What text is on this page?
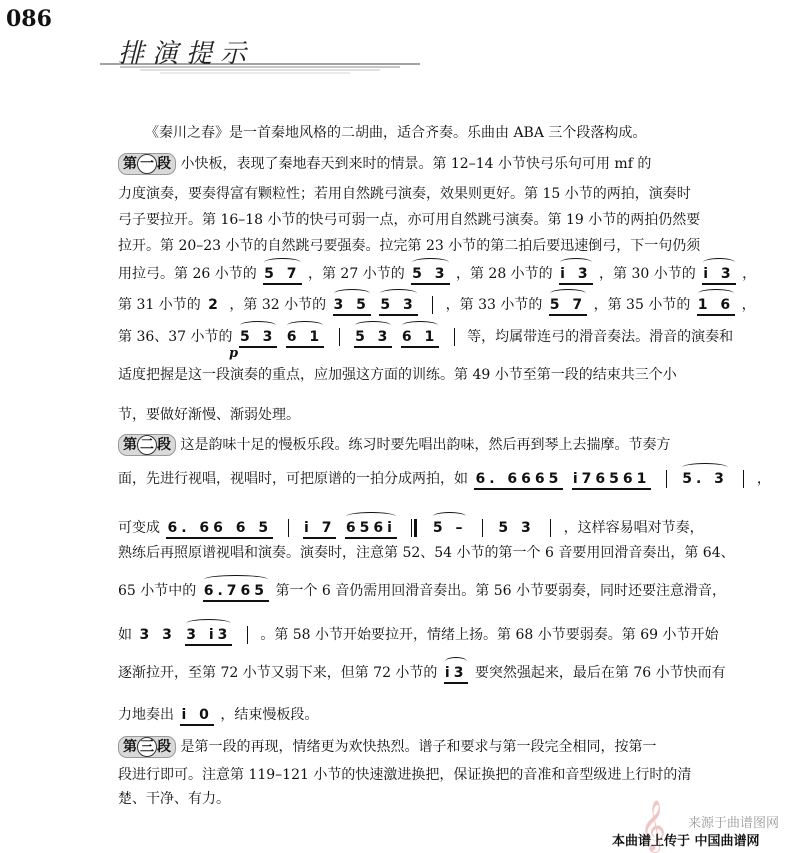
086
排演提示
《秦川之春》是一首秦地风格的二胡曲，适合齐奏。乐曲由 ABA 三个段落构成。
第 一 段 小快板，表现了秦地春天到来时的情景。第 12–14 小节快弓乐句可用 mf 的
力度演奏，要奏得富有颗粒性；若用自然跳弓演奏，效果则更好。第 15 小节的两拍，演奏时
弓子要拉开。第 16–18 小节的快弓可弱一点，亦可用自然跳弓演奏。第 19 小节的两拍仍然要
拉开。第 20–23 小节的自然跳弓要强奏。拉完第 23 小节的第二拍后要迅速倒弓，下一句仍须
用拉弓。第 26 小节的 5 7 ，第 27 小节的 5 3 ，第 28 小节的 i 3 ，第 30 小节的 i 3 ，
第 31 小节的 2 ，第 32 小节的 3 5
5 3 ，第 33 小节的 5 7 ，第 35 小节的 1 6 ，
第 36、37 小节的 5 3
6 1
5 3
6 1 等，均属带连弓的滑音奏法。滑音的演奏和
p
适度把握是这一段演奏的重点，应加强这方面的训练。第 49 小节至第一段的结束共三个小
节，要做好渐慢、渐弱处理。
第 二 段 这是韵味十足的慢板乐段。练习时要先唱出韵味，然后再到琴上去揣摩。节奏方
面，先进行视唱，视唱时，可把原谱的一拍分成两拍，如 6. 6665 i76561
5. 3 ，
可变成 6. 66 6 5 i 7
656i
	5 – 5 3 ，这样容易唱对节奏，
熟练后再照原谱视唱和演奏。演奏时，注意第 52、54 小节的第一个 6 音要用回滑音奏出，第 64、
65 小节中的 6.765 第一个 6 音仍需用回滑音奏出。第 56 小节要弱奏，同时还要注意滑音，
如 3 3 3 i3 。第 58 小节开始要拉开，情绪上扬。第 68 小节要弱奏。第 69 小节开始
逐渐拉开，至第 72 小节又弱下来，但第 72 小节的 i3 要突然强起来，最后在第 76 小节快而有
力地奏出 i 0 ，结束慢板段。
第 三 段 是第一段的再现，情绪更为欢快热烈。谱子和要求与第一段完全相同，按第一
段进行即可。注意第 119–121 小节的快速激进换把，保证换把的音准和音型级进上行时的清
楚、干净、有力。
𝄞 来源于曲谱图网
本曲谱上传于 中国曲谱网
